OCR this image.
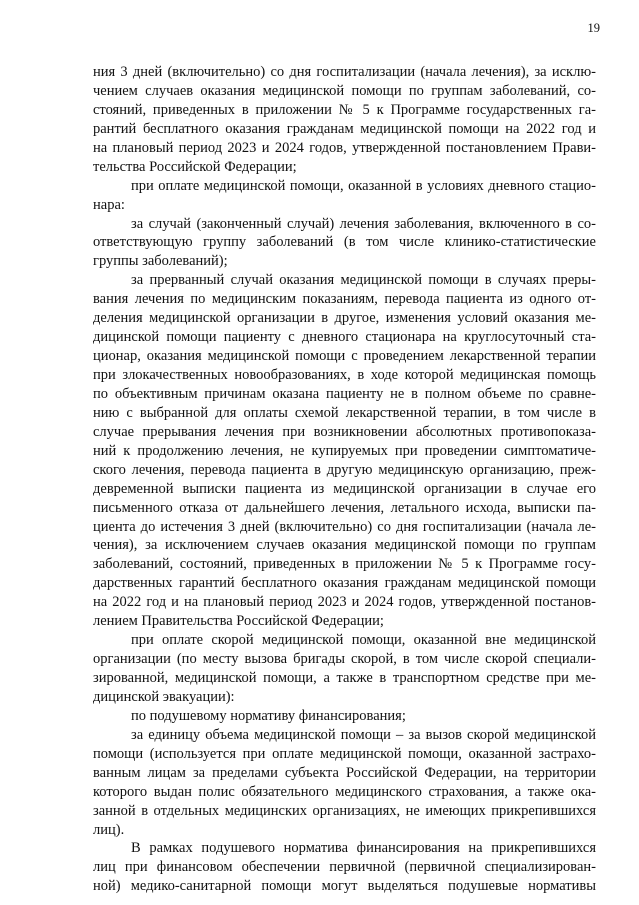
19
ния 3 дней (включительно) со дня госпитализации (начала лечения), за исклю-
чением случаев оказания медицинской помощи по группам заболеваний, со-
стояний, приведенных в приложении № 5 к Программе государственных га-
рантий бесплатного оказания гражданам медицинской помощи на 2022 год и
на плановый период 2023 и 2024 годов, утвержденной постановлением Прави-
тельства Российской Федерации;
при оплате медицинской помощи, оказанной в условиях дневного стацио-
нара:
за случай (законченный случай) лечения заболевания, включенного в со-
ответствующую группу заболеваний (в том числе клинико-статистические
группы заболеваний);
за прерванный случай оказания медицинской помощи в случаях преры-
вания лечения по медицинским показаниям, перевода пациента из одного от-
деления медицинской организации в другое, изменения условий оказания ме-
дицинской помощи пациенту с дневного стационара на круглосуточный ста-
ционар, оказания медицинской помощи с проведением лекарственной терапии
при злокачественных новообразованиях, в ходе которой медицинская помощь
по объективным причинам оказана пациенту не в полном объеме по сравне-
нию с выбранной для оплаты схемой лекарственной терапии, в том числе в
случае прерывания лечения при возникновении абсолютных противопоказа-
ний к продолжению лечения, не купируемых при проведении симптоматиче-
ского лечения, перевода пациента в другую медицинскую организацию, преж-
девременной выписки пациента из медицинской организации в случае его
письменного отказа от дальнейшего лечения, летального исхода, выписки па-
циента до истечения 3 дней (включительно) со дня госпитализации (начала ле-
чения), за исключением случаев оказания медицинской помощи по группам
заболеваний, состояний, приведенных в приложении № 5 к Программе госу-
дарственных гарантий бесплатного оказания гражданам медицинской помощи
на 2022 год и на плановый период 2023 и 2024 годов, утвержденной постанов-
лением Правительства Российской Федерации;
при оплате скорой медицинской помощи, оказанной вне медицинской
организации (по месту вызова бригады скорой, в том числе скорой специали-
зированной, медицинской помощи, а также в транспортном средстве при ме-
дицинской эвакуации):
по подушевому нормативу финансирования;
за единицу объема медицинской помощи – за вызов скорой медицинской
помощи (используется при оплате медицинской помощи, оказанной застрахо-
ванным лицам за пределами субъекта Российской Федерации, на территории
которого выдан полис обязательного медицинского страхования, а также ока-
занной в отдельных медицинских организациях, не имеющих прикрепившихся
лиц).
В рамках подушевого норматива финансирования на прикрепившихся
лиц при финансовом обеспечении первичной (первичной специализирован-
ной) медико-санитарной помощи могут выделяться подушевые нормативы
